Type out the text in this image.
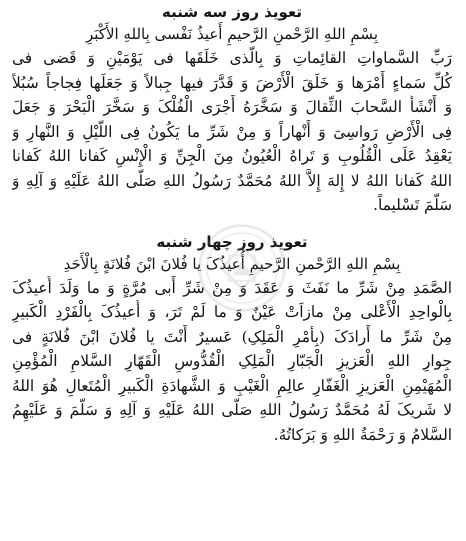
تعویذ روز سه شنبه

بِسْمِ اللهِ الرَّحْمنِ الرَّحیمِ أَعیذُ نَفْسی بِاللهِ الأَکْبَرِ

رَبِّ السَّماواتِ القائِماتِ وَ بِالَّذی خَلَقَها فی یَوْمَیْنِ وَ قَضی فی

کُلِّ سَماءٍ أَمْرَها وَ خَلَقَ الْأَرْضَ وَ قَدَّرَ فیها جِبالاً وَ جَعَلَها فِجاجاً سُبُلاً

وَ أَنْشَأَ السَّحابَ الثِّقالَ وَ سَخَّرَهُ أَجْرَى الْفُلْکَ وَ سَخَّرَ الْبَحْرَ وَ جَعَلَ

فِی الْأَرْضِ رَواسِیَ وَ أَنْهاراً وَ مِنْ شَرِّ ما یَکُونُ فِی اللَّیْلِ وَ النَّهارِ وَ

یَعْقِدُ عَلَى الْقُلُوبِ وَ تَراهُ الْعُیُونُ مِنَ الْجِنِّ وَ الْإِنْسِ کَفانا اللهُ کَفانا

اللهُ کَفانا اللهُ لا إِلهَ إِلاَّ اللهُ مُحَمَّدٌ رَسُولُ اللهِ صَلَّى اللهُ عَلَیْهِ وَ آلِهِ وَ

سَلَّمَ تَسْلیماً.

تعویذ روز چهار شنبه

بِسْمِ اللهِ الرَّحْمنِ الرَّحیمِ أُعیذُکَ یا فُلانَ ابْنَ فُلانَةٍ بِالْأَحَدِ

الصَّمَدِ مِنْ شَرِّ ما نَفَثَ وَ عَقَدَ وَ مِنْ شَرِّ أَبی مُرَّةٍ وَ ما وَلَدَ أُعیذُکَ

بِالْواحِدِ الْأَعْلى مِنْ مازاَتْ عَیْنٌ وَ ما لَمْ تَرَ، وَ أُعیذُکَ بِالْفَرْدِ الْکَبیرِ

مِنْ شَرِّ ما أَرادَکَ (بِأَمْرِ الْمَلِکِ) عَسیرٌ أَنْتَ یا فُلانَ ابْنَ فُلانَةٍ فی

جِوارِ اللهِ الْعَزیزِ الْجَبّارِ الْمَلِکِ الْقُدُّوسِ الْقَهّارِ السَّلامِ الْمُؤْمِنِ

الْمُهَیْمِنِ الْعَزیزِ الْغَفّارِ عالِمِ الْغَیْبِ وَ الشَّهادَةِ الْکَبیرِ الْمُتَعالِ هُوَ اللهُ

لا شَریکَ لَهُ مُحَمَّدٌ رَسُولُ اللهِ صَلَّى اللهُ عَلَیْهِ وَ آلِهِ وَ سَلَّمَ وَ عَلَیْهِمُ

السَّلامُ وَ رَحْمَةُ اللهِ وَ بَرَکاتُهُ.
